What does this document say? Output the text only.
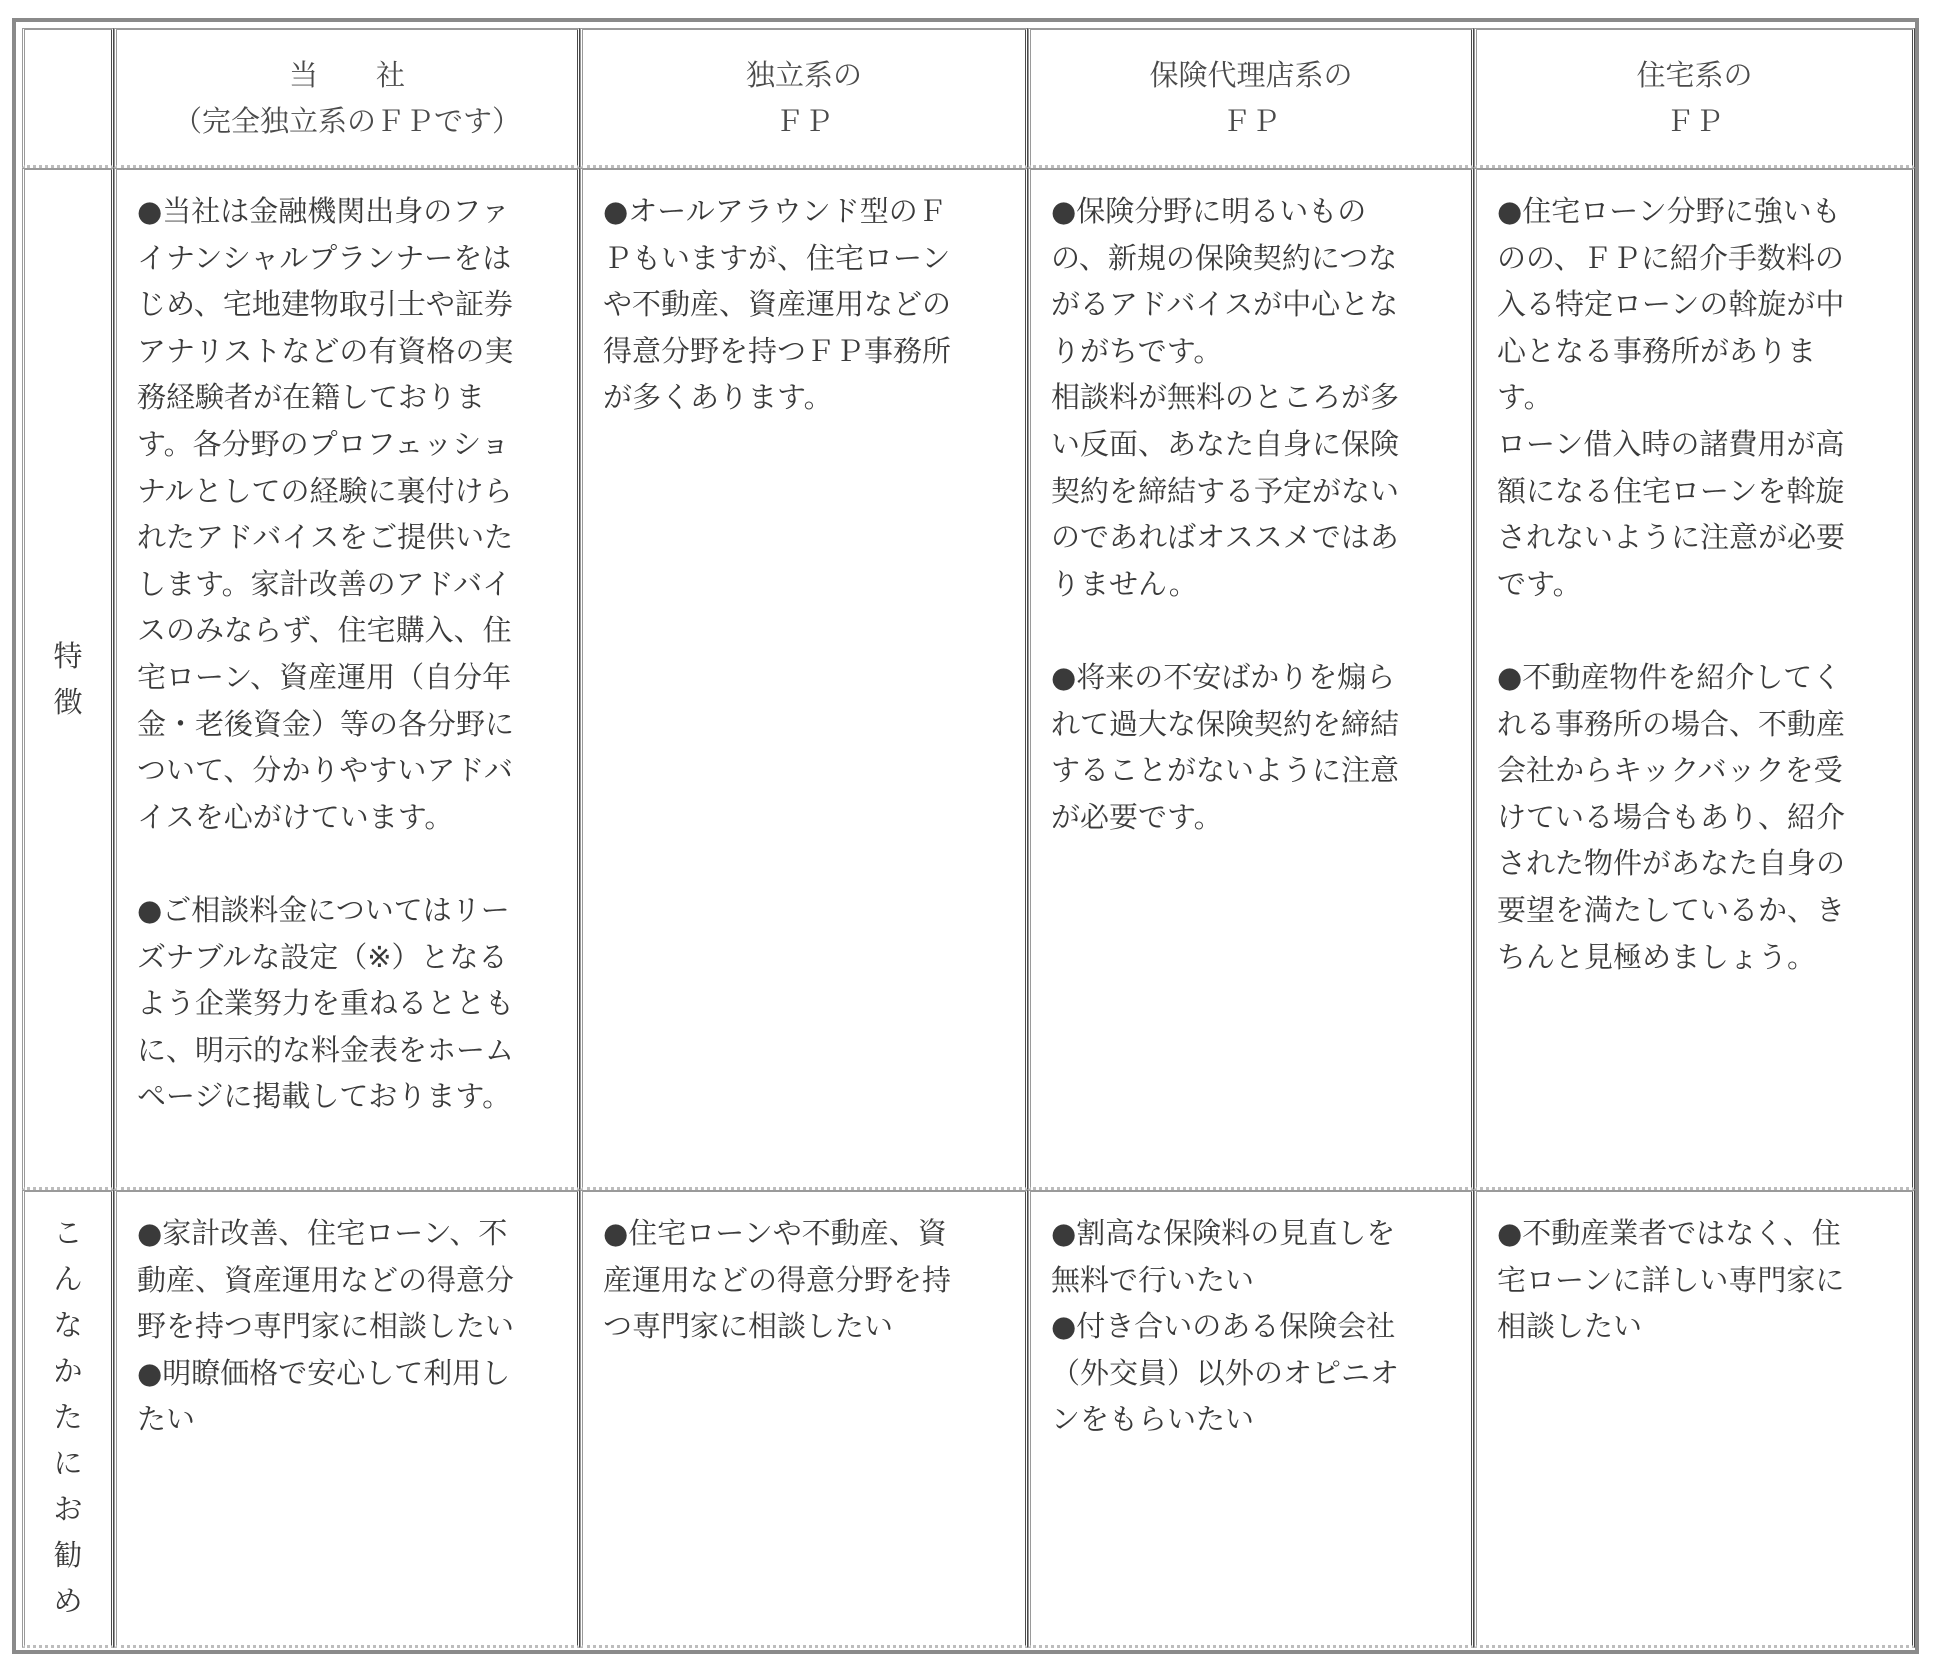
当　　社
（完全独立系のＦＰです）
独立系の
ＦＰ
保険代理店系の
ＦＰ
住宅系の
ＦＰ
特徴
●当社は金融機関出身のファ
イナンシャルプランナーをは
じめ、宅地建物取引士や証券
アナリストなどの有資格の実
務経験者が在籍しておりま
す。各分野のプロフェッショ
ナルとしての経験に裏付けら
れたアドバイスをご提供いた
します。家計改善のアドバイ
スのみならず、住宅購入、住
宅ローン、資産運用（自分年
金・老後資金）等の各分野に
ついて、分かりやすいアドバ
イスを心がけています。
●ご相談料金についてはリー
ズナブルな設定（※）となる
よう企業努力を重ねるととも
に、明示的な料金表をホーム
ページに掲載しております。
●オールアラウンド型のＦ
Ｐもいますが、住宅ローン
や不動産、資産運用などの
得意分野を持つＦＰ事務所
が多くあります。
●保険分野に明るいもの
の、新規の保険契約につな
がるアドバイスが中心とな
りがちです。
相談料が無料のところが多
い反面、あなた自身に保険
契約を締結する予定がない
のであればオススメではあ
りません。
●将来の不安ばかりを煽ら
れて過大な保険契約を締結
することがないように注意
が必要です。
●住宅ローン分野に強いも
のの、ＦＰに紹介手数料の
入る特定ローンの斡旋が中
心となる事務所がありま
す。
ローン借入時の諸費用が高
額になる住宅ローンを斡旋
されないように注意が必要
です。
●不動産物件を紹介してく
れる事務所の場合、不動産
会社からキックバックを受
けている場合もあり、紹介
された物件があなた自身の
要望を満たしているか、き
ちんと見極めましょう。
こんなかたにお勧め
●家計改善、住宅ローン、不
動産、資産運用などの得意分
野を持つ専門家に相談したい
●明瞭価格で安心して利用し
たい
●住宅ローンや不動産、資
産運用などの得意分野を持
つ専門家に相談したい
●割高な保険料の見直しを
無料で行いたい
●付き合いのある保険会社
（外交員）以外のオピニオ
ンをもらいたい
●不動産業者ではなく、住
宅ローンに詳しい専門家に
相談したい
